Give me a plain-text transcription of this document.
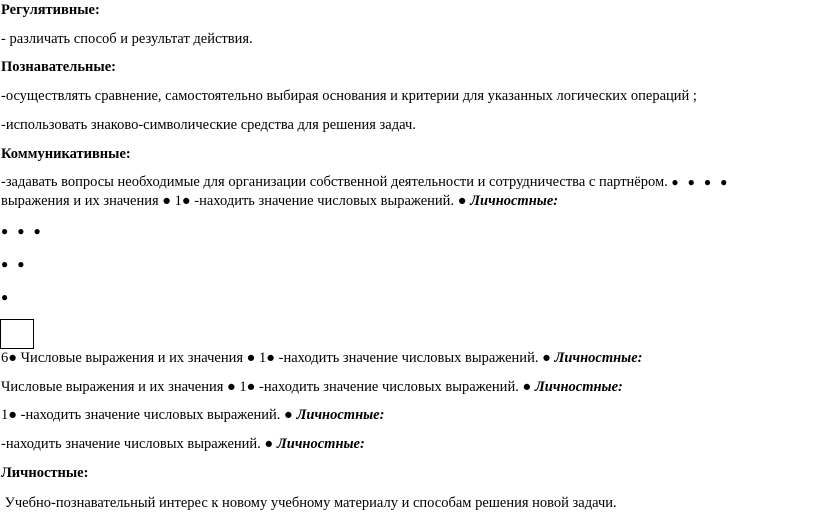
Регулятивные:
- различать способ и результат действия.
Познавательные:
-осуществлять сравнение, самостоятельно выбирая основания и критерии для указанных логических операций ;
-использовать знаково-символические средства для решения задач.
Коммуникативные:
-задавать вопросы необходимые для организации собственной деятельности и сотрудничества с партнёром. ● ● ● ●
выражения и их значения ● 1● -находить значение числовых выражений. ● Личностные:
● ● ●
● ●
●
6● Числовые выражения и их значения ● 1● -находить значение числовых выражений. ● Личностные:
Числовые выражения и их значения ● 1● -находить значение числовых выражений. ● Личностные:
1● -находить значение числовых выражений. ● Личностные:
-находить значение числовых выражений. ● Личностные:
Личностные:
Учебно-познавательный интерес к новому учебному материалу и способам решения новой задачи.
